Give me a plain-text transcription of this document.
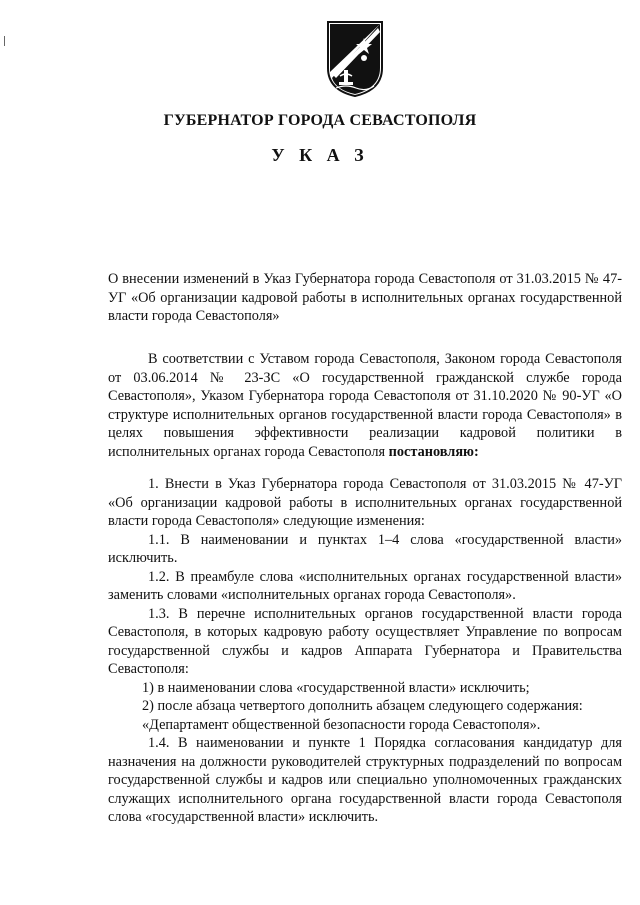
ГУБЕРНАТОР ГОРОДА СЕВАСТОПОЛЯ
У К А З

О внесении изменений в Указ Губернатора города Севастополя от 31.03.2015 № 47-УГ «Об организации кадровой работы в исполнительных органах государственной власти города Севастополя»

В соответствии с Уставом города Севастополя, Законом города Севастополя от 03.06.2014 № 23-ЗС «О государственной гражданской службе города Севастополя», Указом Губернатора города Севастополя от 31.10.2020 № 90-УГ «О структуре исполнительных органов государственной власти города Севастополя» в целях повышения эффективности реализации кадровой политики в исполнительных органах города Севастополя постановляю:

1. Внести в Указ Губернатора города Севастополя от 31.03.2015 № 47-УГ «Об организации кадровой работы в исполнительных органах государственной власти города Севастополя» следующие изменения:

1.1. В наименовании и пунктах 1–4 слова «государственной власти» исключить.

1.2. В преамбуле слова «исполнительных органах государственной власти» заменить словами «исполнительных органах города Севастополя».

1.3. В перечне исполнительных органов государственной власти города Севастополя, в которых кадровую работу осуществляет Управление по вопросам государственной службы и кадров Аппарата Губернатора и Правительства Севастополя:

1) в наименовании слова «государственной власти» исключить;

2) после абзаца четвертого дополнить абзацем следующего содержания:

«Департамент общественной безопасности города Севастополя».

1.4. В наименовании и пункте 1 Порядка согласования кандидатур для назначения на должности руководителей структурных подразделений по вопросам государственной службы и кадров или специально уполномоченных гражданских служащих исполнительного органа государственной власти города Севастополя слова «государственной власти» исключить.
